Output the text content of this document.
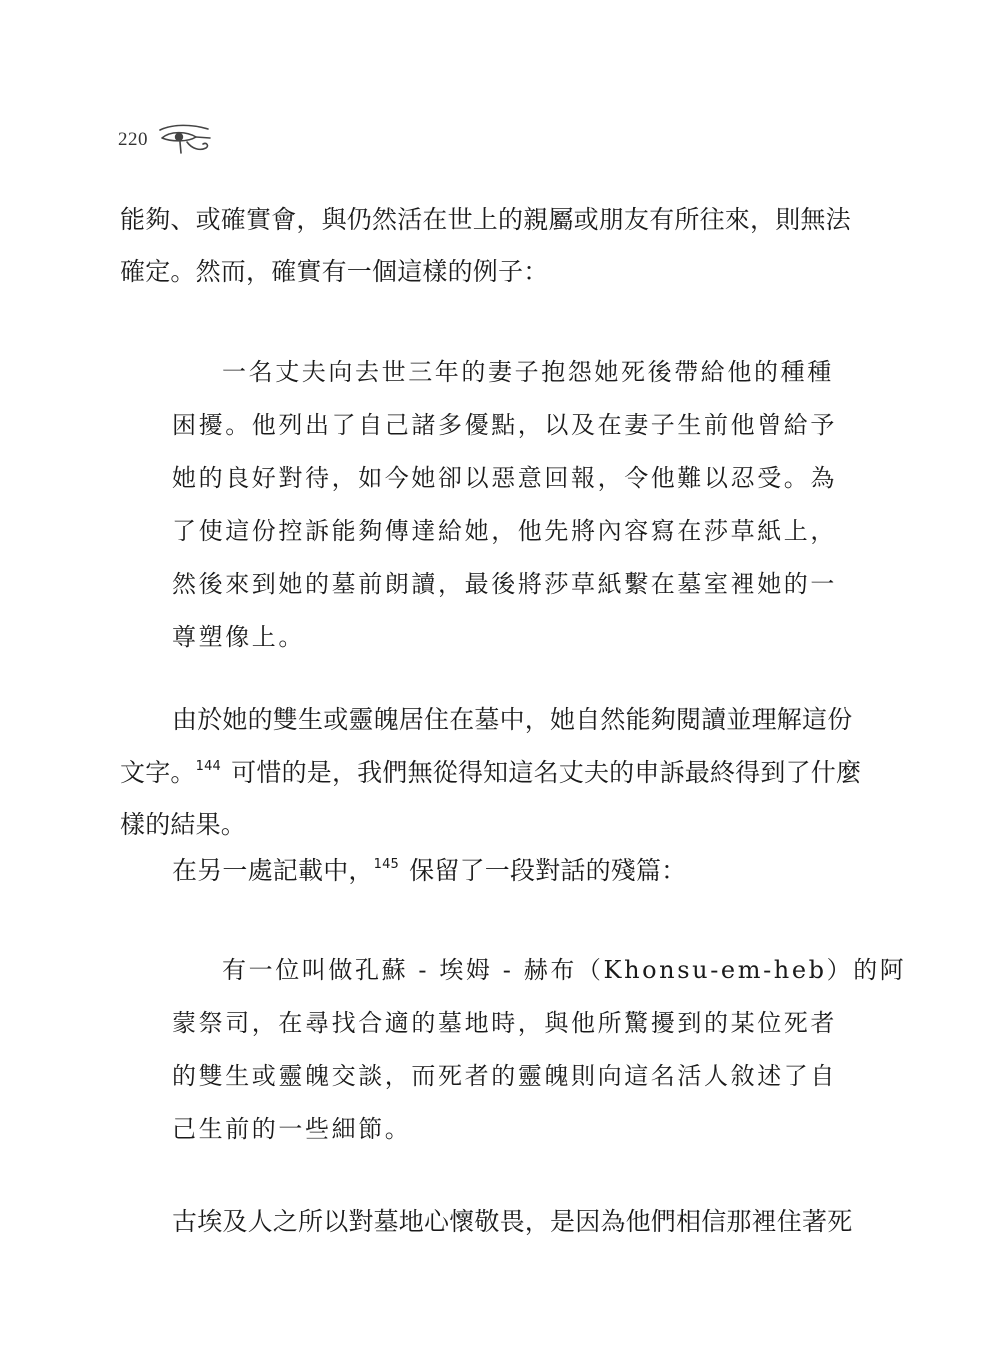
220
能夠、或確實會，與仍然活在世上的親屬或朋友有所往來，則無法
確定。然而，確實有一個這樣的例子：
一名丈夫向去世三年的妻子抱怨她死後帶給他的種種
困擾。他列出了自己諸多優點，以及在妻子生前他曾給予
她的良好對待，如今她卻以惡意回報，令他難以忍受。為
了使這份控訴能夠傳達給她，他先將內容寫在莎草紙上，
然後來到她的墓前朗讀，最後將莎草紙繫在墓室裡她的一
尊塑像上。
由於她的雙生或靈魄居住在墓中，她自然能夠閱讀並理解這份
文字。$^{144}$ 可惜的是，我們無從得知這名丈夫的申訴最終得到了什麼
樣的結果。
在另一處記載中，$^{145}$ 保留了一段對話的殘篇：
有一位叫做孔蘇 - 埃姆 - 赫布（Khonsu-em-heb）的阿
蒙祭司，在尋找合適的墓地時，與他所驚擾到的某位死者
的雙生或靈魄交談，而死者的靈魄則向這名活人敘述了自
己生前的一些細節。
古埃及人之所以對墓地心懷敬畏，是因為他們相信那裡住著死
